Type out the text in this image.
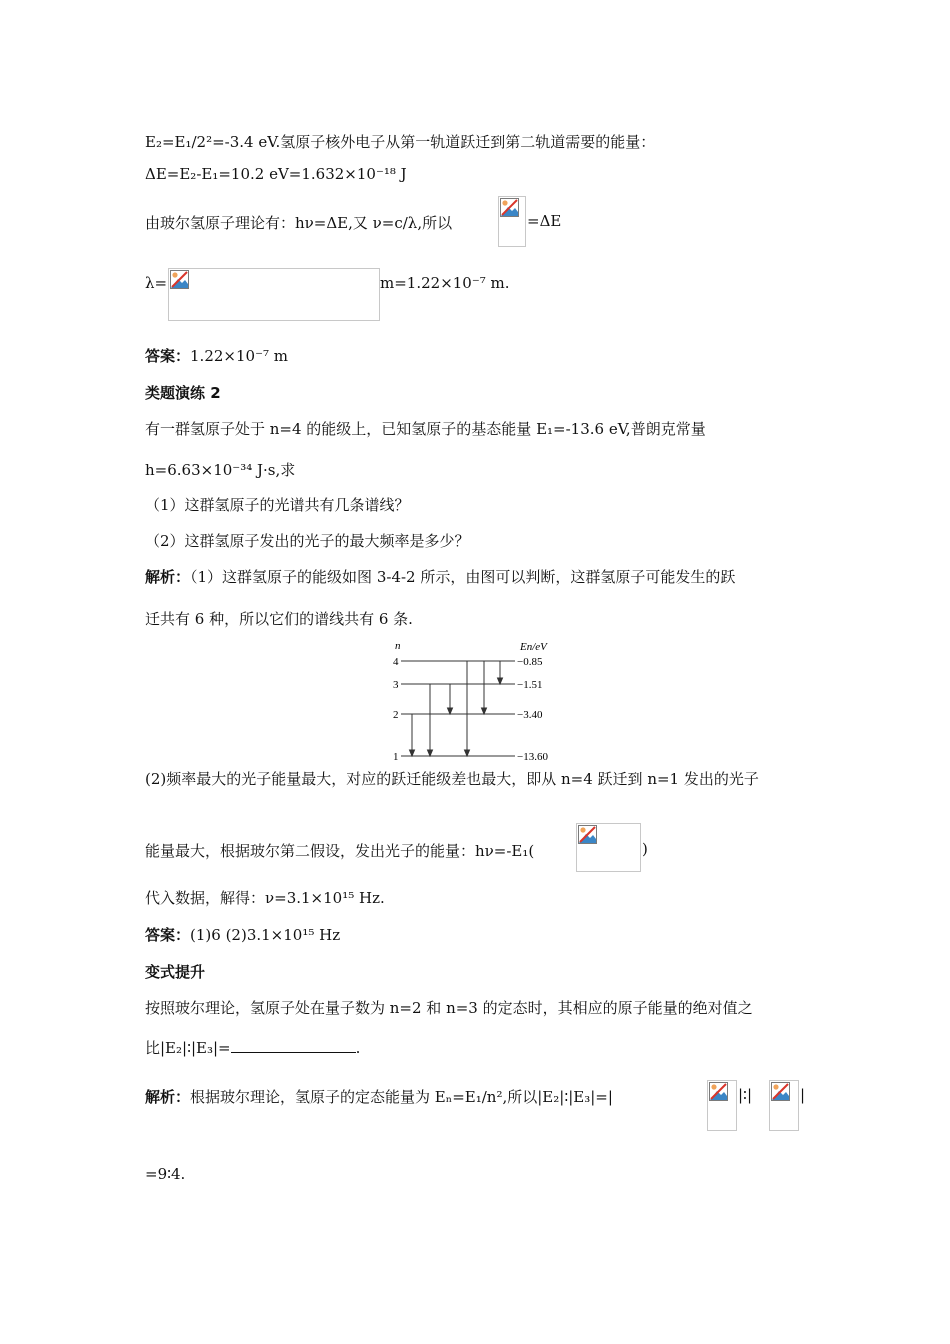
E₂=E₁/2²=-3.4 eV.氢原子核外电子从第一轨道跃迁到第二轨道需要的能量：
ΔE=E₂-E₁=10.2 eV=1.632×10⁻¹⁸ J
由玻尔氢原子理论有：hν=ΔE,又 ν=c/λ,所以	=ΔE
λ=	m=1.22×10⁻⁷ m.
答案：1.22×10⁻⁷ m
类题演练 2
有一群氢原子处于 n=4 的能级上，已知氢原子的基态能量 E₁=-13.6 eV,普朗克常量
h=6.63×10⁻³⁴ J·s,求
（1）这群氢原子的光谱共有几条谱线？
（2）这群氢原子发出的光子的最大频率是多少？
解析：（1）这群氢原子的能级如图 3-4-2 所示，由图可以判断，这群氢原子可能发生的跃
迁共有 6 种，所以它们的谱线共有 6 条.
n	En/eV
4
3
2
1
−0.85
−1.51
−3.40
−13.60
(2)频率最大的光子能量最大，对应的跃迁能级差也最大，即从 n=4 跃迁到 n=1 发出的光子
能量最大，根据玻尔第二假设，发出光子的能量：hν=-E₁(	)
代入数据，解得：ν=3.1×10¹⁵ Hz.
答案：(1)6 (2)3.1×10¹⁵ Hz
变式提升
按照玻尔理论，氢原子处在量子数为 n=2 和 n=3 的定态时，其相应的原子能量的绝对值之
比|E₂|∶|E₃|=	.
解析：根据玻尔理论，氢原子的定态能量为 Eₙ=E₁/n²,所以|E₂|∶|E₃|=|	|∶|	|
=9∶4.
